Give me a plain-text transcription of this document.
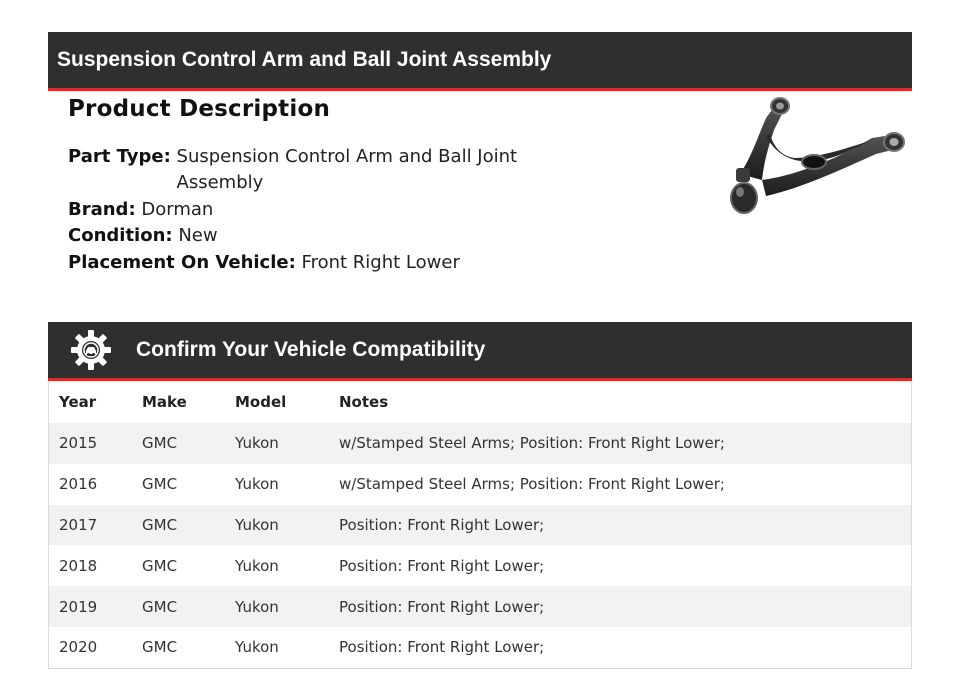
Suspension Control Arm and Ball Joint Assembly
Product Description
Part Type: Suspension Control Arm and Ball Joint Assembly
Brand: Dorman
Condition: New
Placement On Vehicle: Front Right Lower
Confirm Your Vehicle Compatibility
Year	Make	Model	Notes
2015	GMC	Yukon	w/Stamped Steel Arms; Position: Front Right Lower;
2016	GMC	Yukon	w/Stamped Steel Arms; Position: Front Right Lower;
2017	GMC	Yukon	Position: Front Right Lower;
2018	GMC	Yukon	Position: Front Right Lower;
2019	GMC	Yukon	Position: Front Right Lower;
2020	GMC	Yukon	Position: Front Right Lower;
